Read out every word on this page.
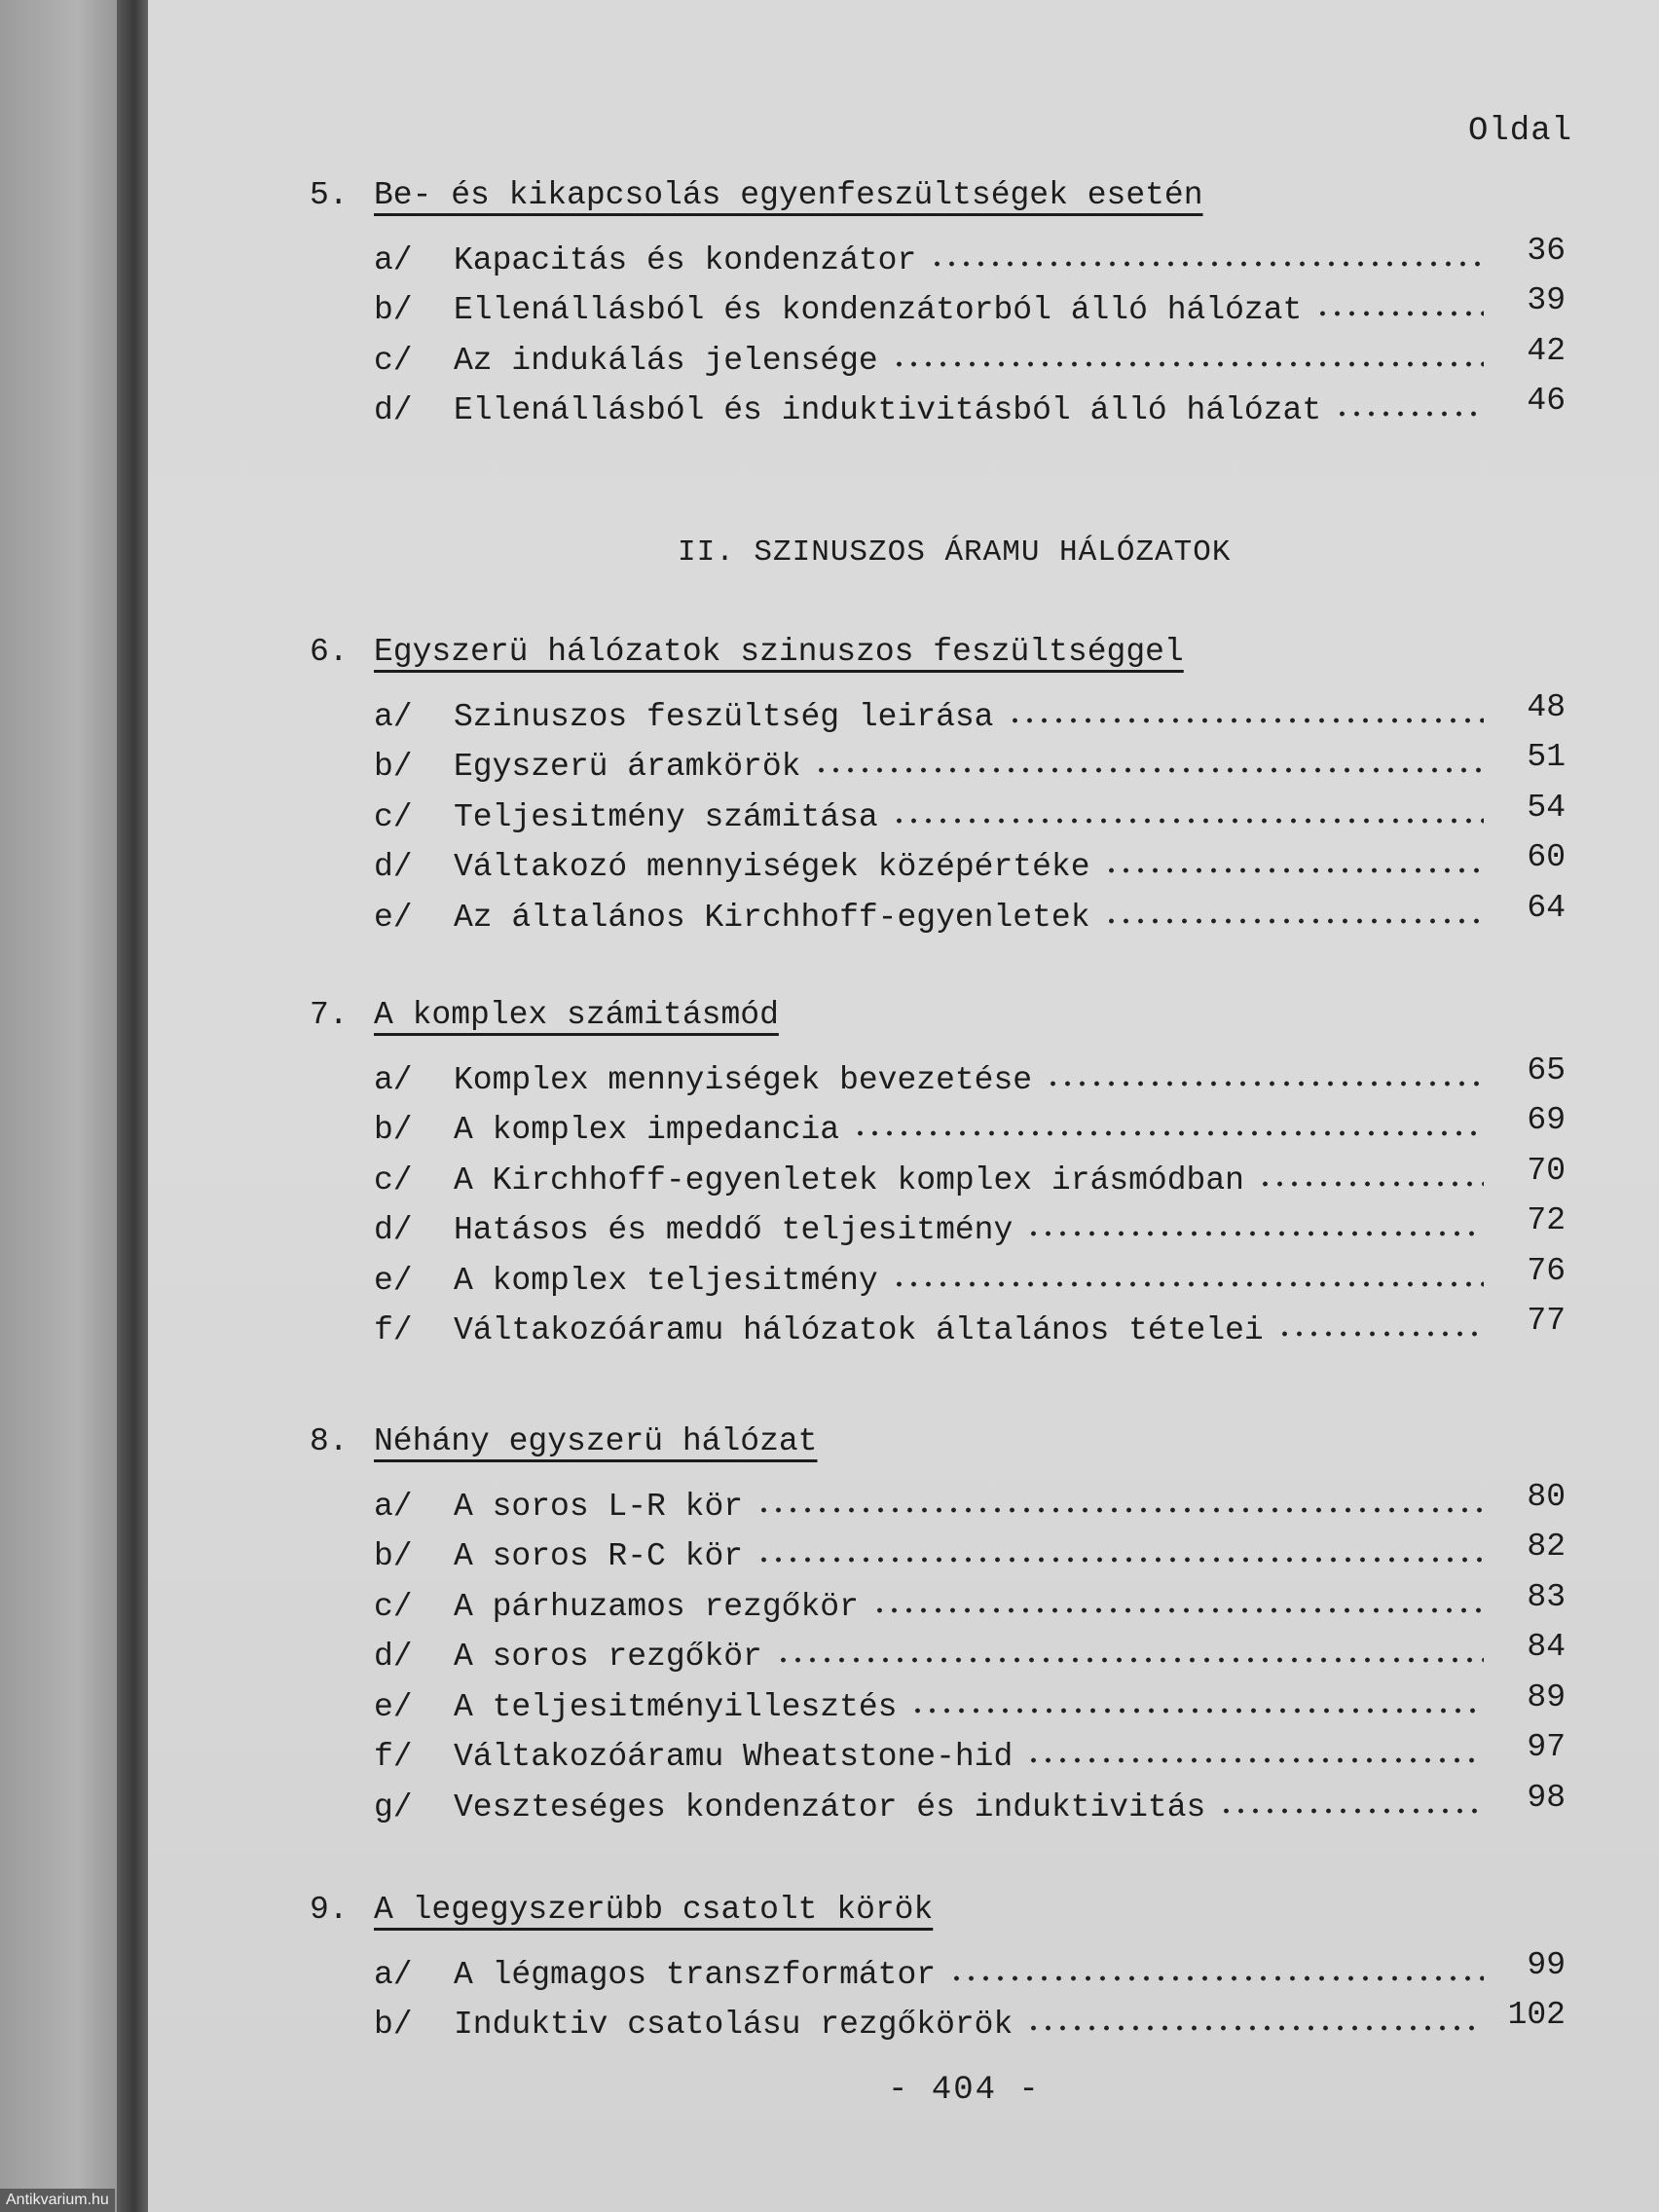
Oldal
II. SZINUSZOS ÁRAMU HÁLÓZATOK
5. Be- és kikapcsolás egyenfeszültségek esetén
a/	Kapacitás és kondenzátor	36
b/	Ellenállásból és kondenzátorból álló hálózat	39
c/	Az indukálás jelensége	42
d/	Ellenállásból és induktivitásból álló hálózat	46
6. Egyszerü hálózatok szinuszos feszültséggel
a/	Szinuszos feszültség leirása	48
b/	Egyszerü áramkörök	51
c/	Teljesitmény számitása	54
d/	Váltakozó mennyiségek középértéke	60
e/	Az általános Kirchhoff-egyenletek	64
7. A komplex számitásmód
a/	Komplex mennyiségek bevezetése	65
b/	A komplex impedancia	69
c/	A Kirchhoff-egyenletek komplex irásmódban	70
d/	Hatásos és meddő teljesitmény	72
e/	A komplex teljesitmény	76
f/	Váltakozóáramu hálózatok általános tételei	77
8. Néhány egyszerü hálózat
a/	A soros L-R kör	80
b/	A soros R-C kör	82
c/	A párhuzamos rezgőkör	83
d/	A soros rezgőkör	84
e/	A teljesitményillesztés	89
f/	Váltakozóáramu Wheatstone-hid	97
g/	Veszteséges kondenzátor és induktivitás	98
9. A legegyszerübb csatolt körök
a/	A légmagos transzformátor	99
b/	Induktiv csatolásu rezgőkörök	102
- 404 -
Antikvarium.hu
